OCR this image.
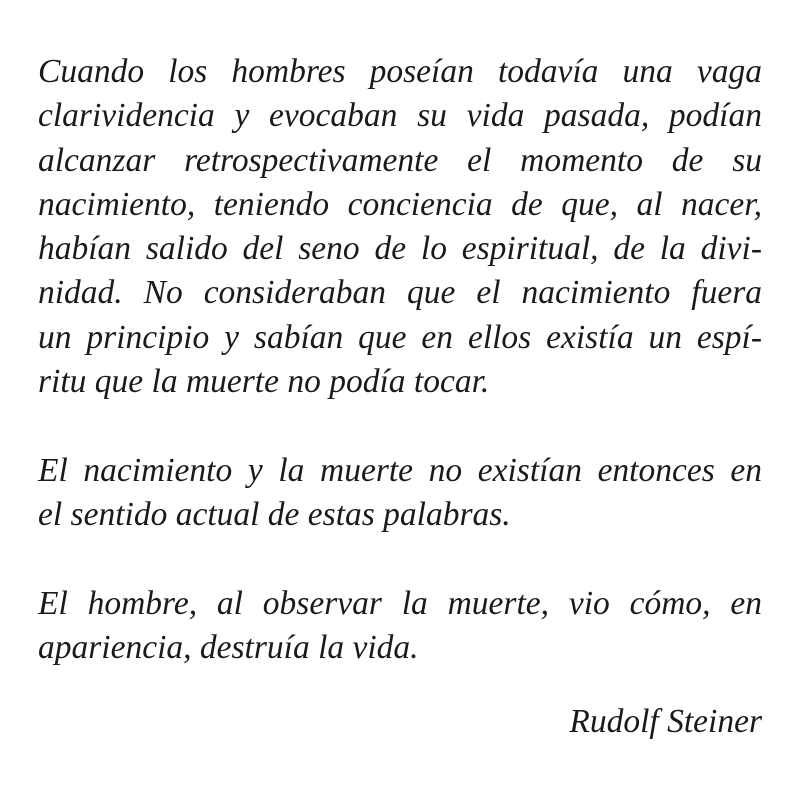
Cuando los hombres poseían todavía una vaga
clarividencia y evocaban su vida pasada, podían
alcanzar retrospectivamente el momento de su
nacimiento, teniendo conciencia de que, al nacer,
habían salido del seno de lo espiritual, de la divi-
nidad. No consideraban que el nacimiento fuera
un principio y sabían que en ellos existía un espí-
ritu que la muerte no podía tocar.
El nacimiento y la muerte no existían entonces en
el sentido actual de estas palabras.
El hombre, al observar la muerte, vio cómo, en
apariencia, destruía la vida.
Rudolf Steiner
